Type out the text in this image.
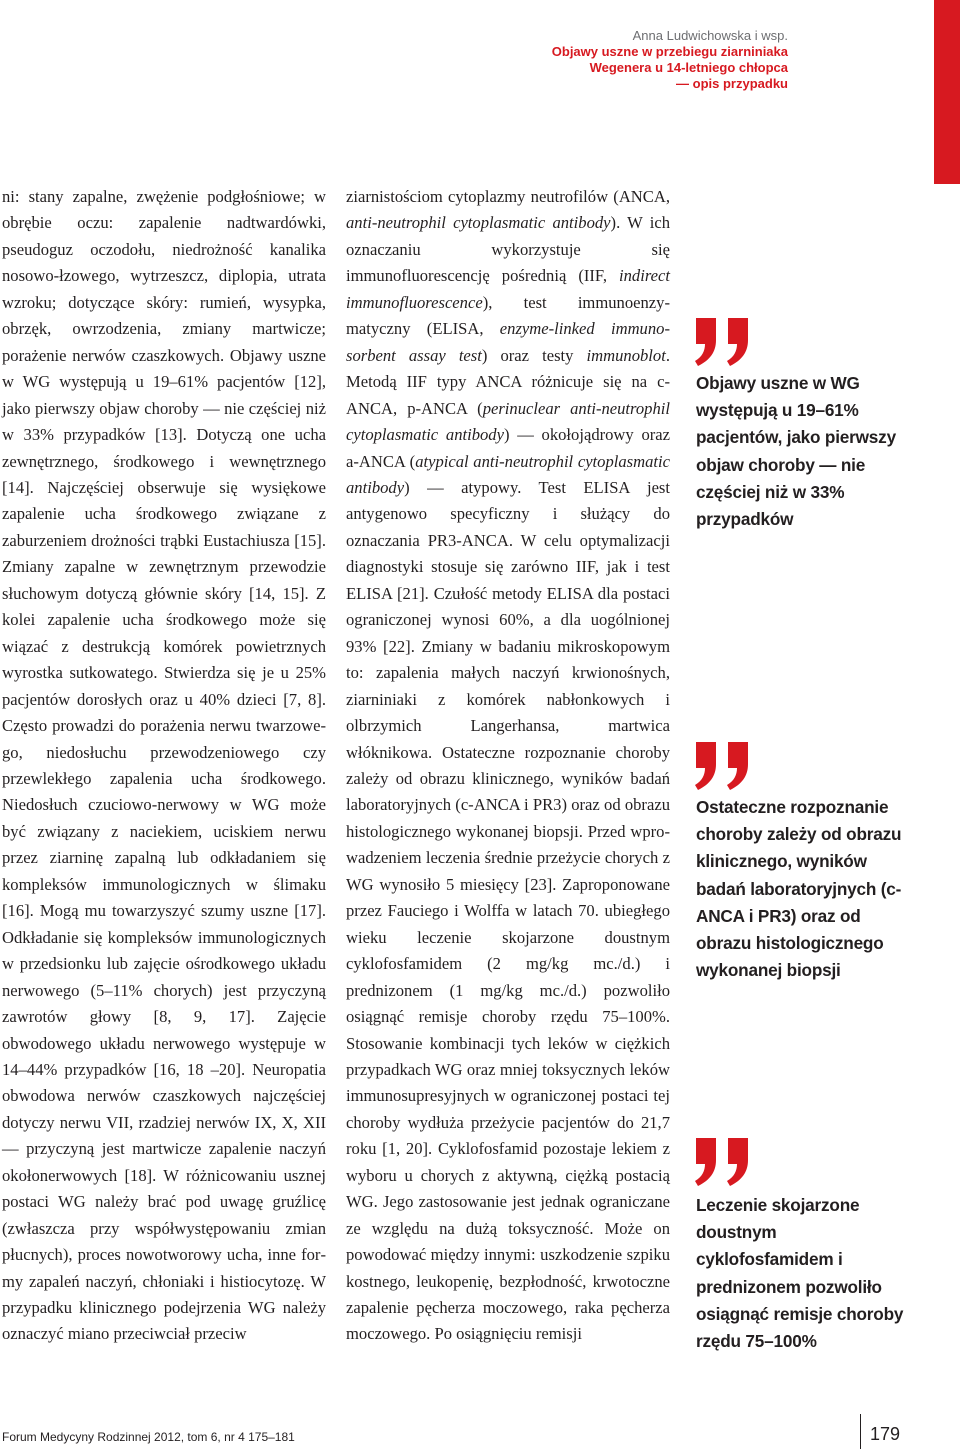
Anna Ludwichowska i wsp.
Objawy uszne w przebiegu ziarniniaka
Wegenera u 14-letniego chłopca
— opis przypadku

ni: stany zapalne, zwężenie podgłośniowe; w obrębie oczu: zapalenie nadtwardówki, pseudoguz oczodołu, niedrożność kanalika nosowo-łzowego, wytrzeszcz, diplopia, utrata wzroku; dotyczące skóry: rumień, wysypka, obrzęk, owrzodzenia, zmiany martwicze; porażenie nerwów czaszkowych. Objawy uszne w WG występują u 19–61% pacjentów [12], jako pierwszy objaw choroby — nie częściej niż w 33% przypadków [13]. Dotyczą one ucha zewnętrznego, środkowego i wewnętrznego [14]. Najczęściej obserwuje się wysiękowe zapalenie ucha środkowego związane z zaburzeniem drożności trąbki Eustachiusza [15]. Zmiany zapalne w zewnętrznym przewodzie słuchowym dotyczą głównie skóry [14, 15]. Z kolei zapalenie ucha środkowego może się wiązać z destrukcją komórek powietrznych wyrostka sutkowatego. Stwierdza się je u 25% pacjentów dorosłych oraz u 40% dzieci [7, 8]. Często prowadzi do porażenia nerwu twarzowego, niedosłuchu przewodzeniowego czy przewlekłego zapalenia ucha środkowego. Niedosłuch czuciowo-nerwowy w WG może być związany z naciekiem, uciskiem nerwu przez ziarninę zapalną lub odkładaniem się kompleksów immunologicznych w ślimaku [16]. Mogą mu towarzyszyć szumy uszne [17]. Odkładanie się kompleksów immunologicznych w przedsionku lub zajęcie ośrodkowego układu nerwowego (5–11% chorych) jest przyczyną zawrotów głowy [8, 9, 17]. Zajęcie obwodowego układu nerwowego występuje w 14–44% przypadków [16, 18 –20]. Neuropatia obwodowa nerwów czaszkowych najczęściej dotyczy nerwu VII, rzadziej nerwów IX, X, XII — przyczyną jest martwicze zapalenie naczyń okołonerwowych [18]. W różnicowaniu usznej postaci WG należy brać pod uwagę gruźlicę (zwłaszcza przy współwystępowaniu zmian płucnych), proces nowotworowy ucha, inne formy zapaleń naczyń, chłoniaki i histiocytozę. W przypadku klinicznego podejrzenia WG należy oznaczyć miano przeciwciał przeciw

ziarnistościom cytoplazmy neutrofilów (ANCA, anti-neutrophil cytoplasmatic antibody). W ich oznaczaniu wykorzystuje się immunofluorescencję pośrednią (IIF, indirect immunofluorescence), test immunoenzymatyczny (ELISA, enzyme-linked immunosorbent assay test) oraz testy immunoblot. Metodą IIF typy ANCA różnicuje się na c-ANCA, p-ANCA (perinuclear anti-neutrophil cytoplasmatic antibody) — okołojądrowy oraz a-ANCA (atypical anti-neutrophil cytoplasmatic antibody) — atypowy. Test ELISA jest antygenowo specyficzny i służący do oznaczania PR3-ANCA. W celu optymalizacji diagnostyki stosuje się zarówno IIF, jak i test ELISA [21]. Czułość metody ELISA dla postaci ograniczonej wynosi 60%, a dla uogólnionej 93% [22]. Zmiany w badaniu mikroskopowym to: zapalenia małych naczyń krwionośnych, ziarniniaki z komórek nabłonkowych i olbrzymich Langerhansa, martwica włóknikowa. Ostateczne rozpoznanie choroby zależy od obrazu klinicznego, wyników badań laboratoryjnych (c-ANCA i PR3) oraz od obrazu histologicznego wykonanej biopsji. Przed wprowadzeniem leczenia średnie przeżycie chorych z WG wynosiło 5 miesięcy [23]. Zaproponowane przez Fauciego i Wolffa w latach 70. ubiegłego wieku leczenie skojarzone doustnym cyklofosfamidem (2 mg/kg mc./d.) i prednizonem (1 mg/kg mc./d.) pozwoliło osiągnąć remisje choroby rzędu 75–100%. Stosowanie kombinacji tych leków w ciężkich przypadkach WG oraz mniej toksycznych leków immunosupresyjnych w ograniczonej postaci tej choroby wydłuża przeżycie pacjentów do 21,7 roku [1, 20]. Cyklofosfamid pozostaje lekiem z wyboru u chorych z aktywną, ciężką postacią WG. Jego zastosowanie jest jednak ograniczane ze względu na dużą toksyczność. Może on powodować między innymi: uszkodzenie szpiku kostnego, leukopenię, bezpłodność, krwotoczne zapalenie pęcherza moczowego, raka pęcherza moczowego. Po osiągnięciu remisji

Objawy uszne w WG występują u 19–61% pacjentów, jako pierwszy objaw choroby — nie częściej niż w 33% przypadków
Ostateczne rozpoznanie choroby zależy od obrazu klinicznego, wyników badań laboratoryjnych (c-ANCA i PR3) oraz od obrazu histologicznego wykonanej biopsji
Leczenie skojarzone doustnym cyklofosfamidem i prednizonem pozwoliło osiągnąć remisje choroby rzędu 75–100%
Forum Medycyny Rodzinnej 2012, tom 6, nr 4 175–181	179
